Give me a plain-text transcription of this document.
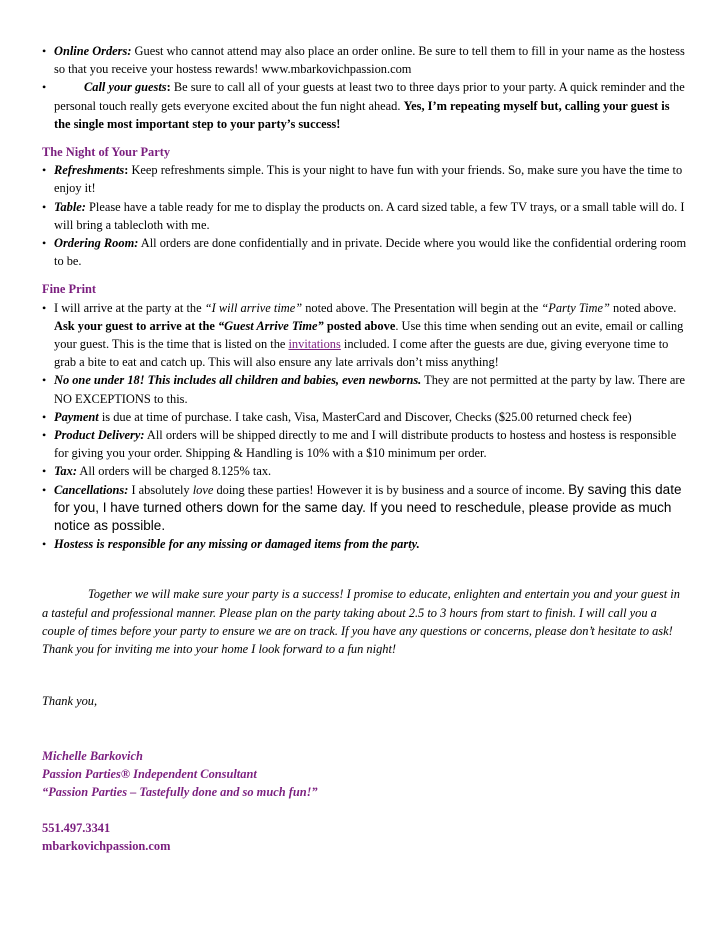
• Online Orders: Guest who cannot attend may also place an order online. Be sure to tell them to fill in your name as the hostess so that you receive your hostess rewards! www.mbarkovichpassion.com
•	Call your guests: Be sure to call all of your guests at least two to three days prior to your party. A quick reminder and the personal touch really gets everyone excited about the fun night ahead. Yes, I’m repeating myself but, calling your guest is the single most important step to your party’s success!
The Night of Your Party
• Refreshments: Keep refreshments simple. This is your night to have fun with your friends. So, make sure you have the time to enjoy it!
• Table: Please have a table ready for me to display the products on. A card sized table, a few TV trays, or a small table will do. I will bring a tablecloth with me.
• Ordering Room: All orders are done confidentially and in private. Decide where you would like the confidential ordering room to be.
Fine Print
• I will arrive at the party at the “I will arrive time” noted above. The Presentation will begin at the “Party Time” noted above. Ask your guest to arrive at the “Guest Arrive Time” posted above. Use this time when sending out an evite, email or calling your guest. This is the time that is listed on the invitations included. I come after the guests are due, giving everyone time to grab a bite to eat and catch up. This will also ensure any late arrivals don’t miss anything!
• No one under 18! This includes all children and babies, even newborns. They are not permitted at the party by law. There are NO EXCEPTIONS to this.
• Payment is due at time of purchase. I take cash, Visa, MasterCard and Discover, Checks ($25.00 returned check fee)
• Product Delivery: All orders will be shipped directly to me and I will distribute products to hostess and hostess is responsible for giving you your order. Shipping & Handling is 10% with a $10 minimum per order.
• Tax: All orders will be charged 8.125% tax.
• Cancellations: I absolutely love doing these parties! However it is by business and a source of income. By saving this date for you, I have turned others down for the same day. If you need to reschedule, please provide as much notice as possible.
• Hostess is responsible for any missing or damaged items from the party.
Together we will make sure your party is a success! I promise to educate, enlighten and entertain you and your guest in a tasteful and professional manner. Please plan on the party taking about 2.5 to 3 hours from start to finish. I will call you a couple of times before your party to ensure we are on track. If you have any questions or concerns, please don’t hesitate to ask! Thank you for inviting me into your home I look forward to a fun night!
Thank you,
Michelle Barkovich
Passion Parties® Independent Consultant
“Passion Parties – Tastefully done and so much fun!”
551.497.3341
mbarkovichpassion.com
